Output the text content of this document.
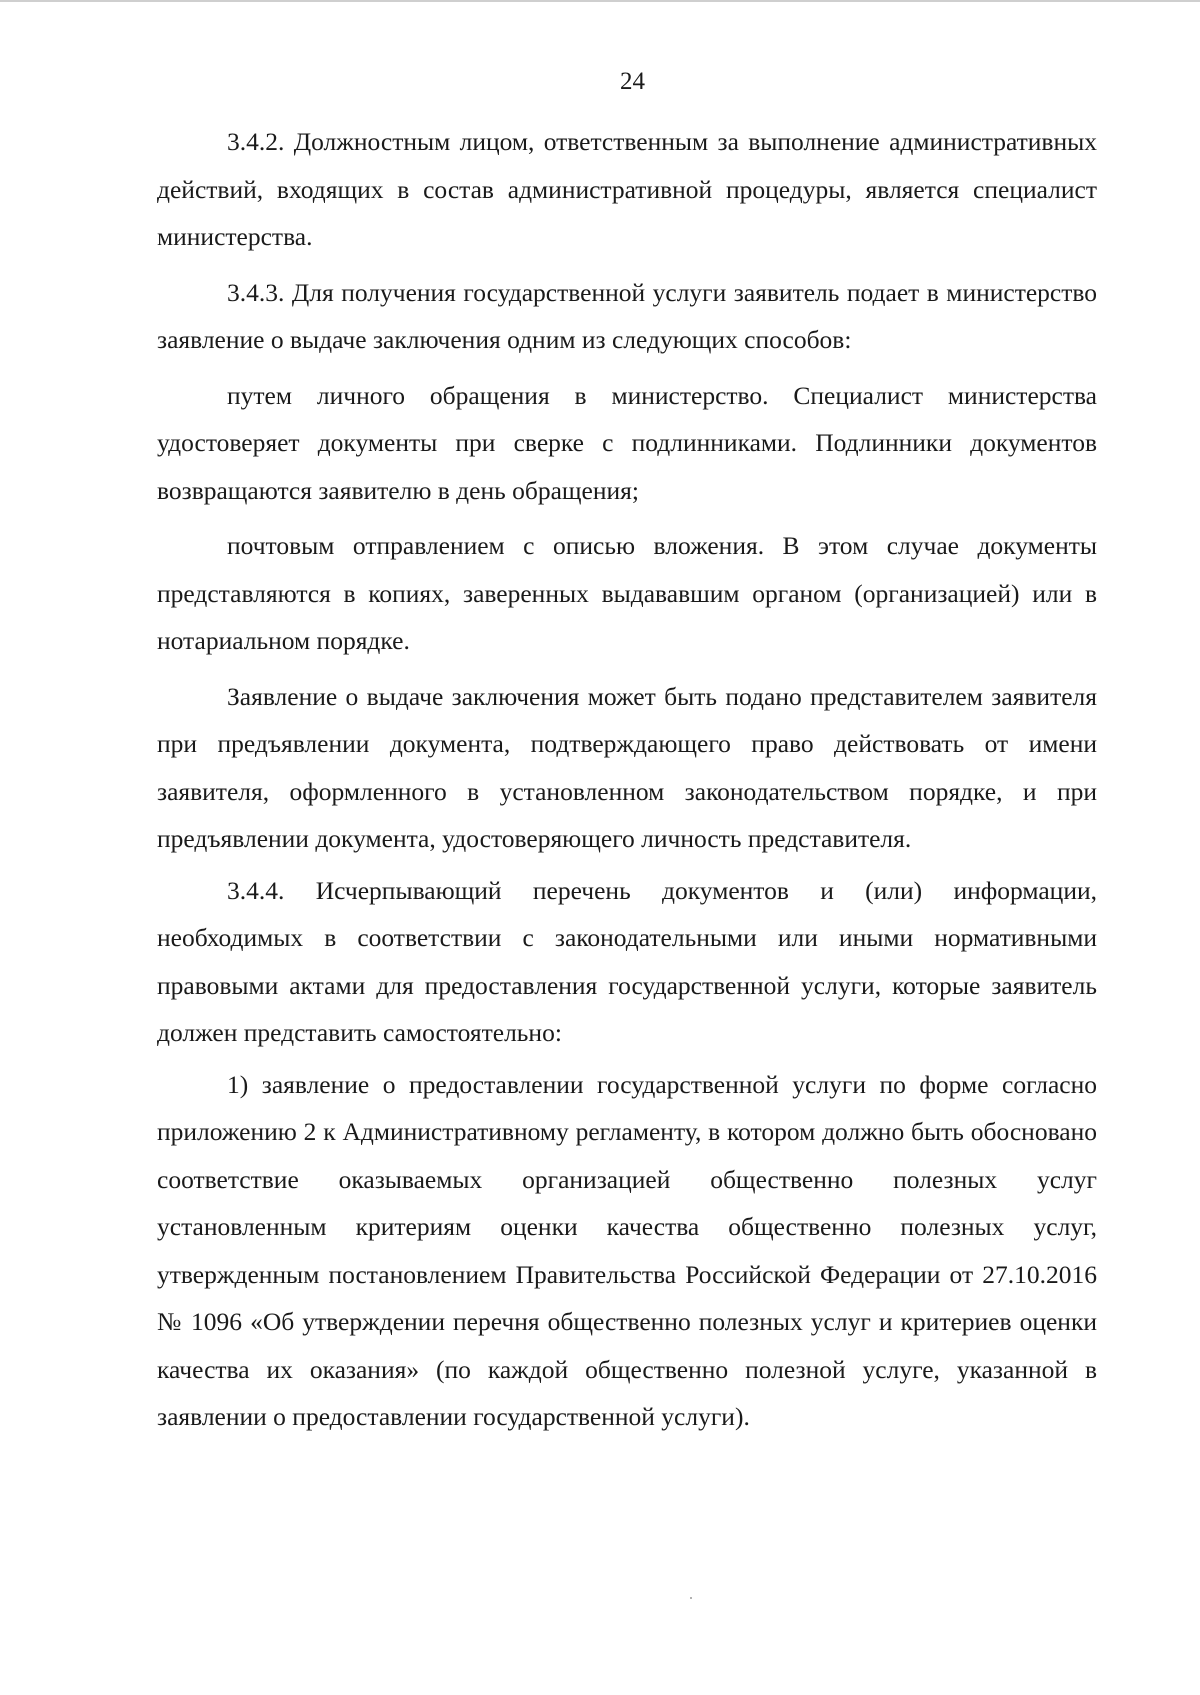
24

3.4.2. Должностным лицом, ответственным за выполнение административных действий, входящих в состав административной процедуры, является специалист министерства.

3.4.3. Для получения государственной услуги заявитель подает в министерство заявление о выдаче заключения одним из следующих способов:

путем личного обращения в министерство. Специалист министерства удостоверяет документы при сверке с подлинниками. Подлинники документов возвращаются заявителю в день обращения;

почтовым отправлением с описью вложения. В этом случае документы представляются в копиях, заверенных выдававшим органом (организацией) или в нотариальном порядке.

Заявление о выдаче заключения может быть подано представителем заявителя при предъявлении документа, подтверждающего право действовать от имени заявителя, оформленного в установленном законодательством порядке, и при предъявлении документа, удостоверяющего личность представителя.

3.4.4. Исчерпывающий перечень документов и (или) информации, необходимых в соответствии с законодательными или иными нормативными правовыми актами для предоставления государственной услуги, которые заявитель должен представить самостоятельно:

1) заявление о предоставлении государственной услуги по форме согласно приложению 2 к Административному регламенту, в котором должно быть обосновано соответствие оказываемых организацией общественно полезных услуг установленным критериям оценки качества общественно полезных услуг, утвержденным постановлением Правительства Российской Федерации от 27.10.2016 № 1096 «Об утверждении перечня общественно полезных услуг и критериев оценки качества их оказания» (по каждой общественно полезной услуге, указанной в заявлении о предоставлении государственной услуги).
